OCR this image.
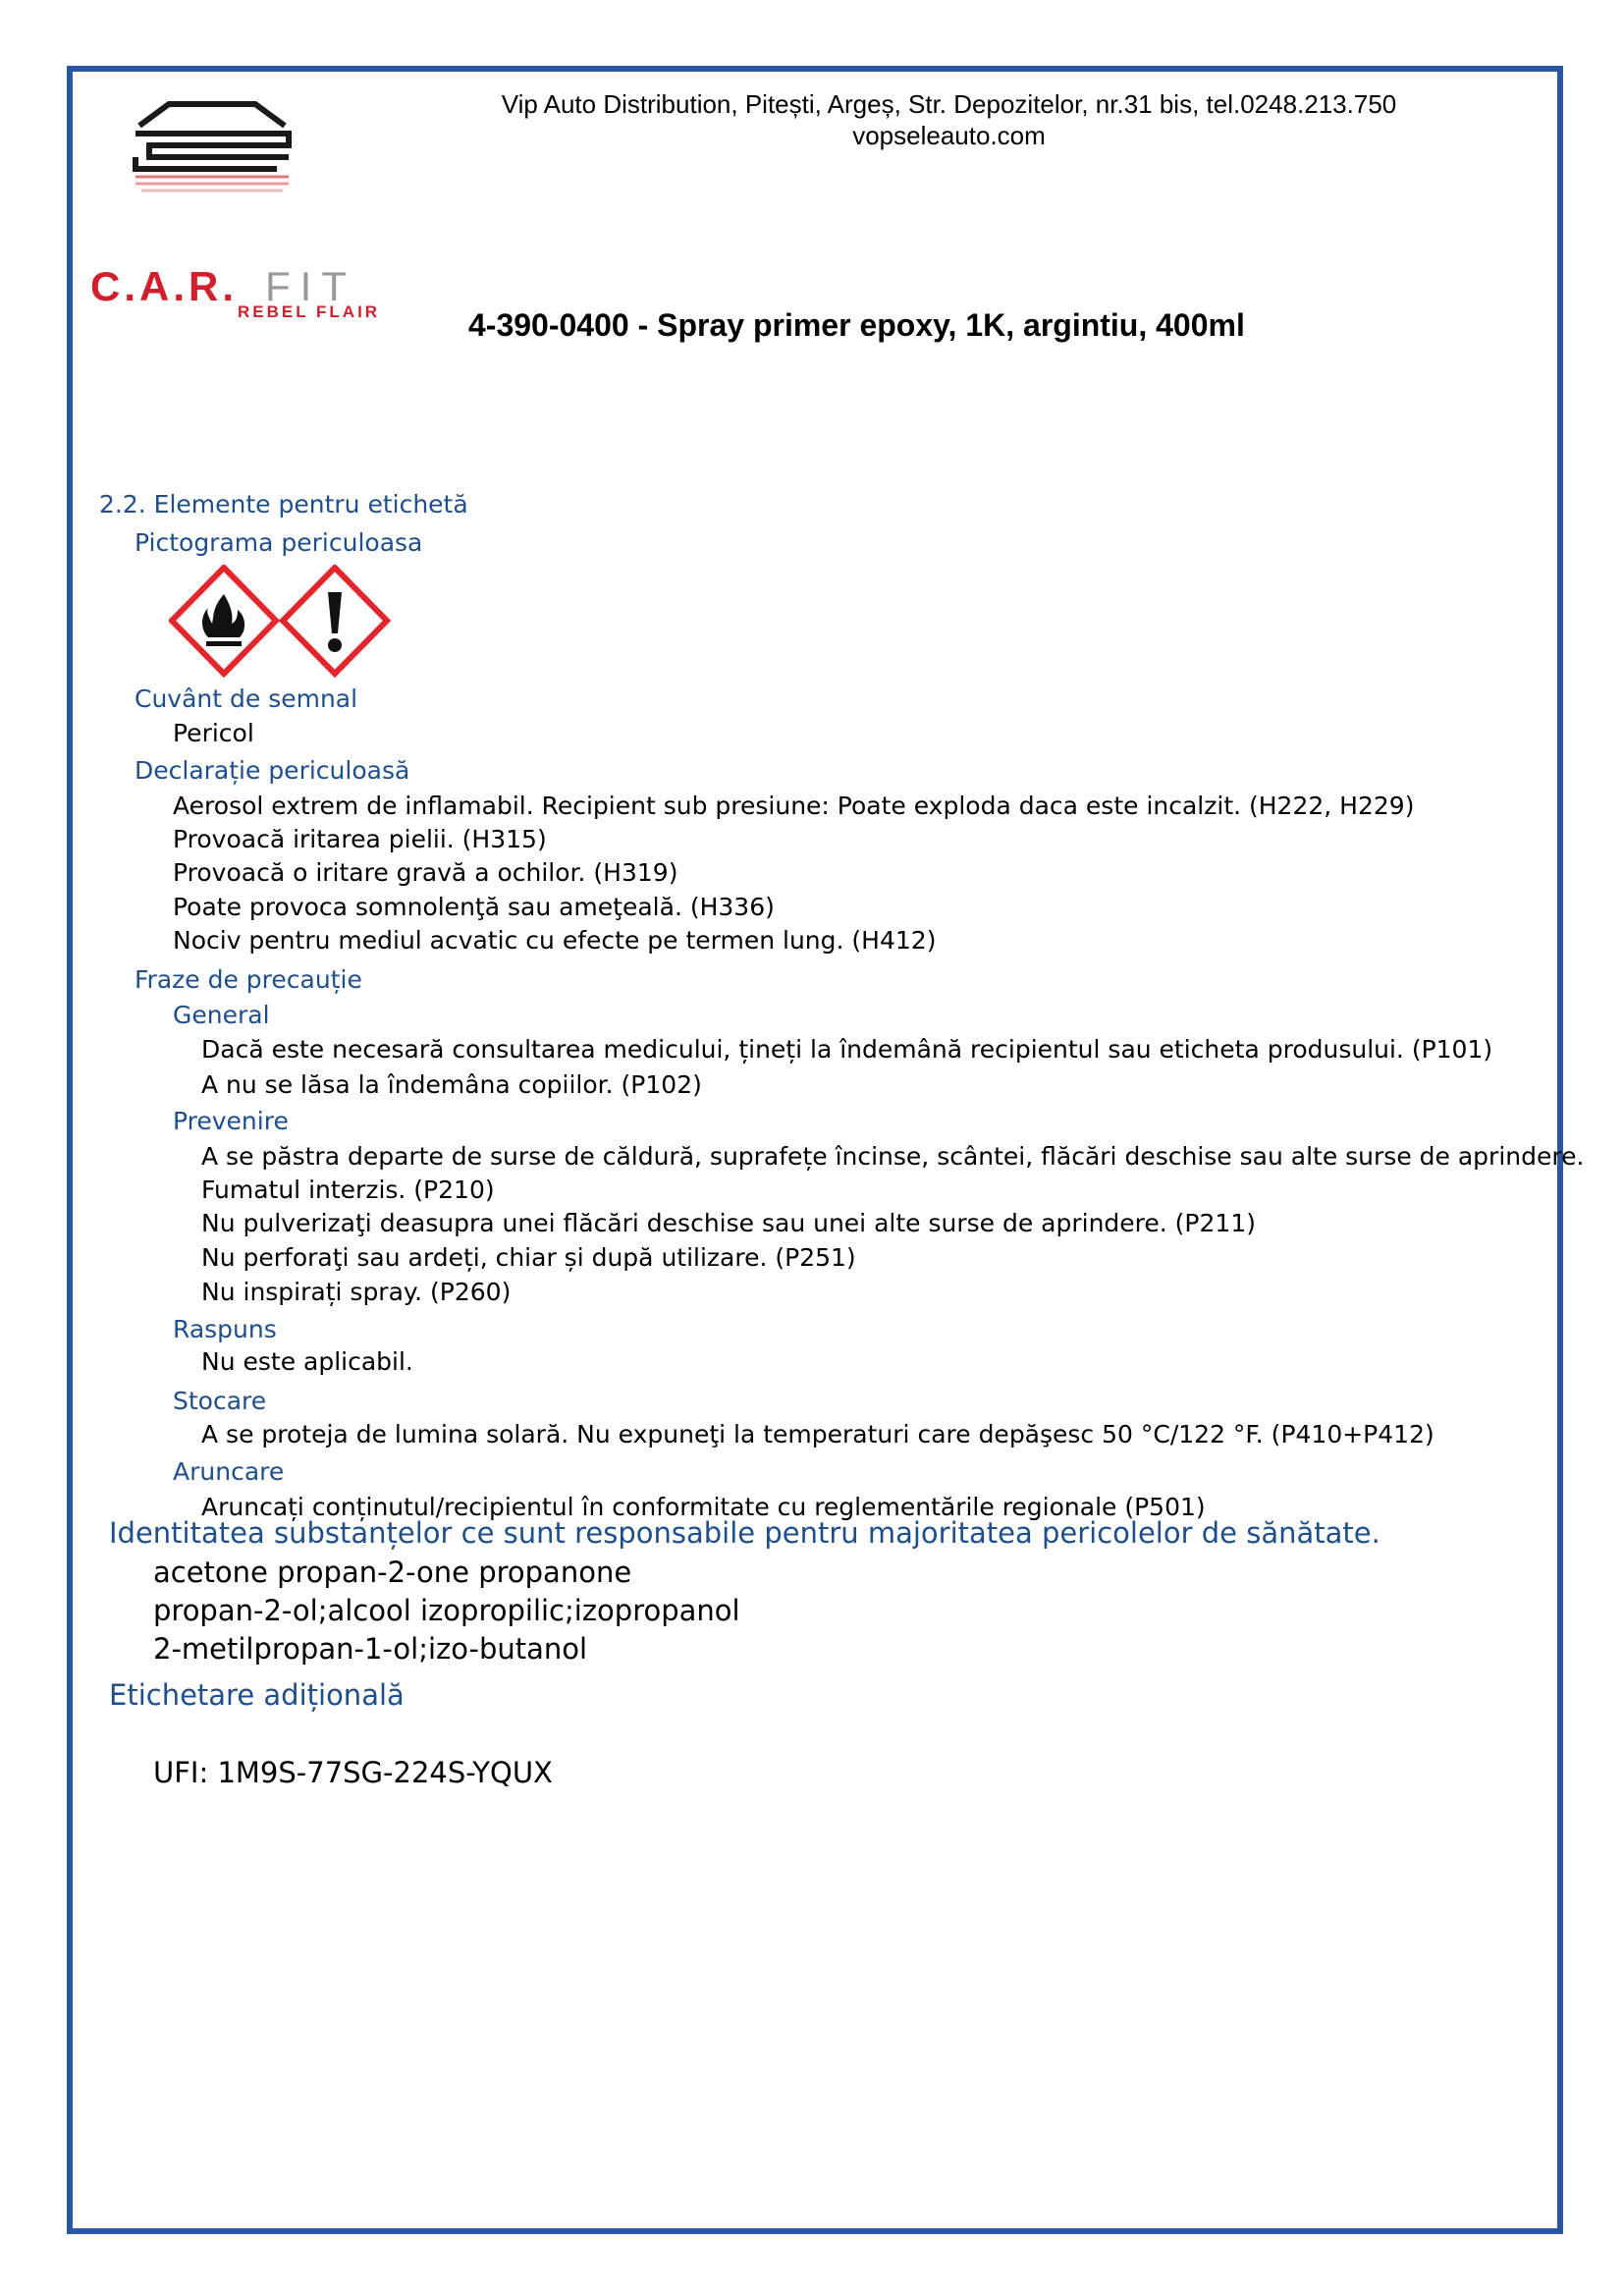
Vip Auto Distribution, Pitești, Argeș, Str. Depozitelor, nr.31 bis, tel.0248.213.750
vopseleauto.com
C.A.R. FIT
REBEL FLAIR	4-390-0400 - Spray primer epoxy, 1K, argintiu, 400ml
2.2. Elemente pentru etichetă
Pictograma periculoasa
Cuvânt de semnal
Pericol
Declarație periculoasă
Aerosol extrem de inflamabil. Recipient sub presiune: Poate exploda daca este incalzit. (H222, H229)
Provoacă iritarea pielii. (H315)
Provoacă o iritare gravă a ochilor. (H319)
Poate provoca somnolenţă sau ameţeală. (H336)
Nociv pentru mediul acvatic cu efecte pe termen lung. (H412)
Fraze de precauție
General
Dacă este necesară consultarea medicului, țineți la îndemână recipientul sau eticheta produsului. (P101)
A nu se lăsa la îndemâna copiilor. (P102)
Prevenire
A se păstra departe de surse de căldură, suprafețe încinse, scântei, flăcări deschise sau alte surse de aprindere.
Fumatul interzis. (P210)
Nu pulverizaţi deasupra unei flăcări deschise sau unei alte surse de aprindere. (P211)
Nu perforaţi sau ardeți, chiar și după utilizare. (P251)
Nu inspirați spray. (P260)
Raspuns
Nu este aplicabil.
Stocare
A se proteja de lumina solară. Nu expuneţi la temperaturi care depăşesc 50 °C/122 °F. (P410+P412)
Aruncare
Aruncați conținutul/recipientul în conformitate cu reglementările regionale (P501)
Identitatea substanțelor ce sunt responsabile pentru majoritatea pericolelor de sănătate.
acetone propan-2-one propanone
propan-2-ol;alcool izopropilic;izopropanol
2-metilpropan-1-ol;izo-butanol
Etichetare adițională
UFI: 1M9S-77SG-224S-YQUX
